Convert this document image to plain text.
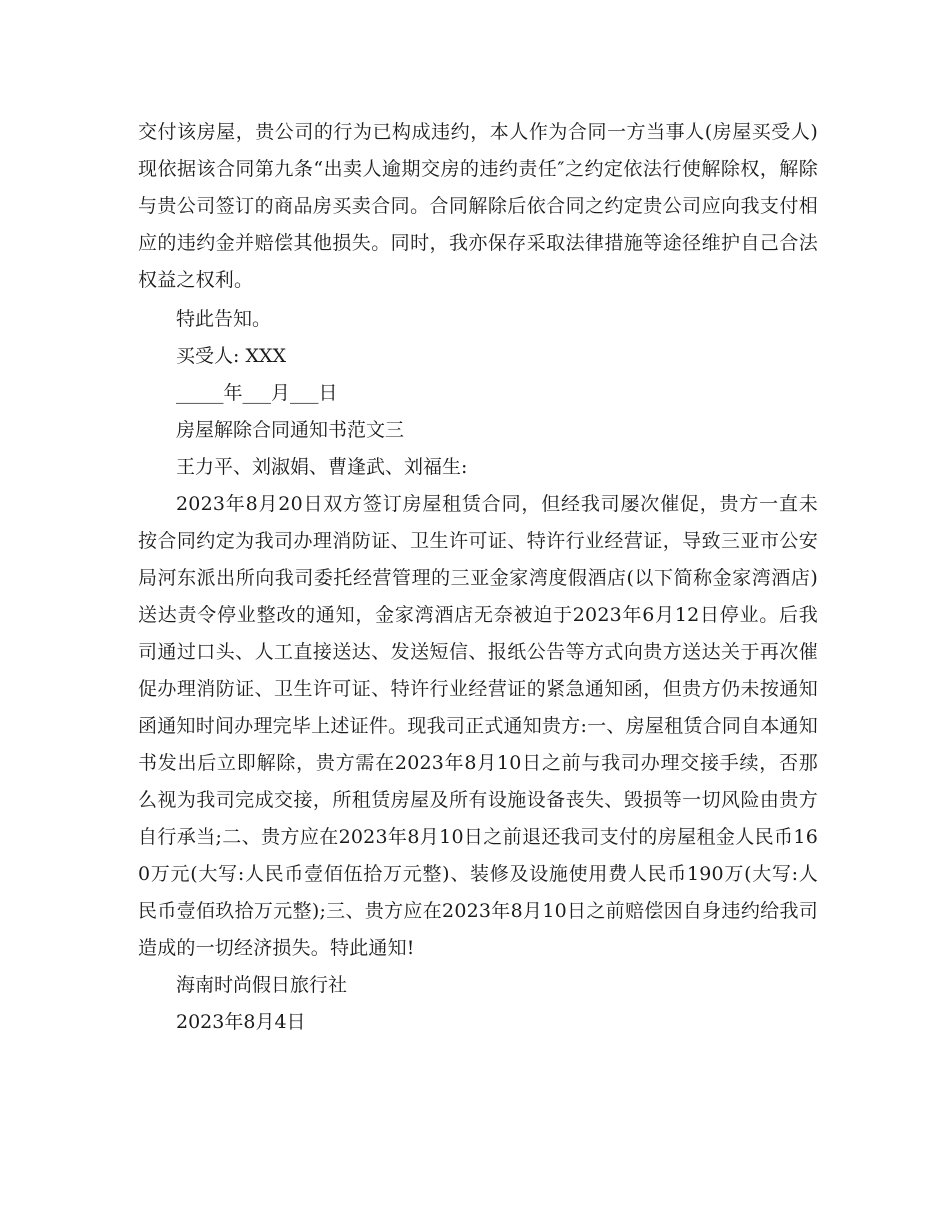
交付该房屋，贵公司的行为已构成违约，本人作为合同一方当事人(房屋买受人)现依据该合同第九条“出卖人逾期交房的违约责任″之约定依法行使解除权，解除与贵公司签订的商品房买卖合同。合同解除后依合同之约定贵公司应向我支付相应的违约金并赔偿其他损失。同时，我亦保存采取法律措施等途径维护自己合法权益之权利。

特此告知。

买受人: XXX

_____年___月___日

房屋解除合同通知书范文三

王力平、刘淑娟、曹逢武、刘福生:

2023年8月20日双方签订房屋租赁合同，但经我司屡次催促，贵方一直未按合同约定为我司办理消防证、卫生许可证、特许行业经营证，导致三亚市公安局河东派出所向我司委托经营管理的三亚金家湾度假酒店(以下简称金家湾酒店)送达责令停业整改的通知，金家湾酒店无奈被迫于2023年6月12日停业。后我司通过口头、人工直接送达、发送短信、报纸公告等方式向贵方送达关于再次催促办理消防证、卫生许可证、特许行业经营证的紧急通知函，但贵方仍未按通知函通知时间办理完毕上述证件。现我司正式通知贵方:一、房屋租赁合同自本通知书发出后立即解除，贵方需在2023年8月10日之前与我司办理交接手续，否那么视为我司完成交接，所租赁房屋及所有设施设备丧失、毁损等一切风险由贵方自行承当;二、贵方应在2023年8月10日之前退还我司支付的房屋租金人民币160万元(大写:人民币壹佰伍拾万元整)、装修及设施使用费人民币190万(大写:人民币壹佰玖拾万元整);三、贵方应在2023年8月10日之前赔偿因自身违约给我司造成的一切经济损失。特此通知!

海南时尚假日旅行社

2023年8月4日
